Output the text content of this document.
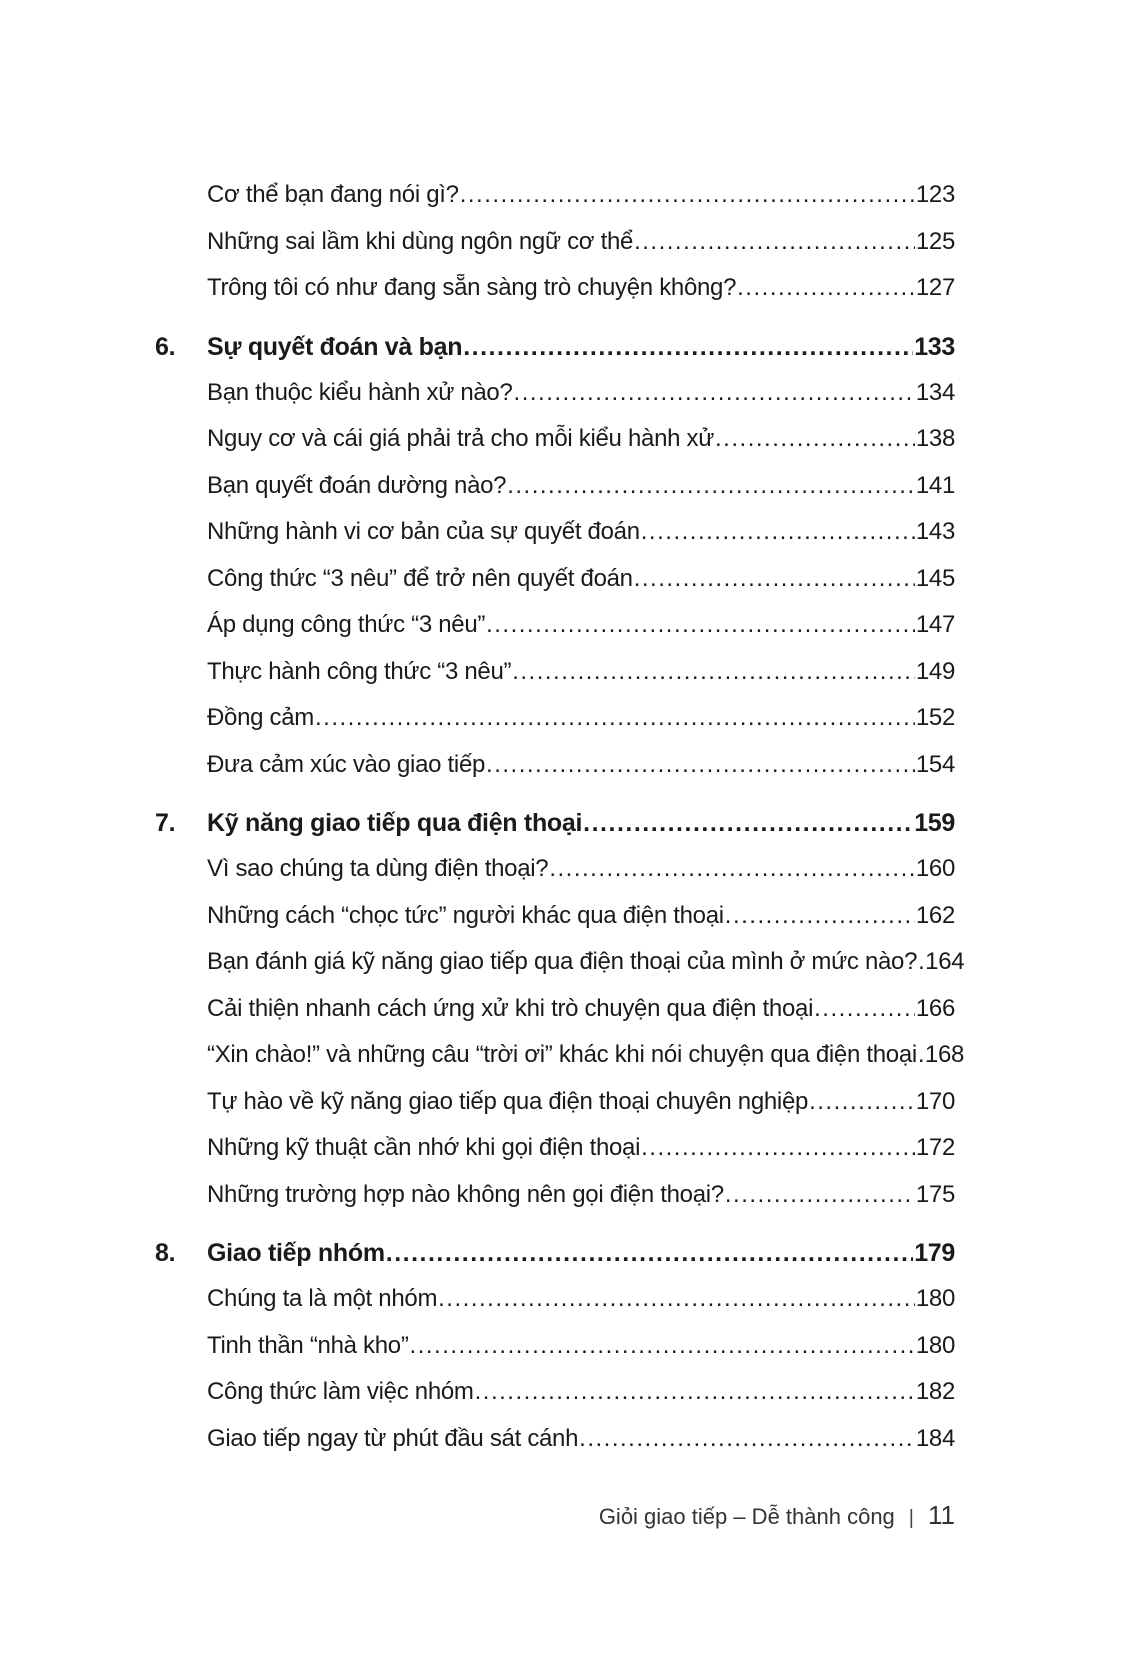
Cơ thể bạn đang nói gì? .....	123
Những sai lầm khi dùng ngôn ngữ cơ thể .....	125
Trông tôi có như đang sẵn sàng trò chuyện không? .....	127
6.	Sự quyết đoán và bạn .....	133
Bạn thuộc kiểu hành xử nào? .....	134
Nguy cơ và cái giá phải trả cho mỗi kiểu hành xử .....	138
Bạn quyết đoán dường nào? .....	141
Những hành vi cơ bản của sự quyết đoán .....	143
Công thức “3 nêu” để trở nên quyết đoán .....	145
Áp dụng công thức “3 nêu” .....	147
Thực hành công thức “3 nêu” .....	149
Đồng cảm .....	152
Đưa cảm xúc vào giao tiếp .....	154
7.	Kỹ năng giao tiếp qua điện thoại .....	159
Vì sao chúng ta dùng điện thoại? .....	160
Những cách “chọc tức” người khác qua điện thoại .....	162
Bạn đánh giá kỹ năng giao tiếp qua điện thoại của mình ở mức nào? ..... 164
Cải thiện nhanh cách ứng xử khi trò chuyện qua điện thoại .....	166
“Xin chào!” và những câu “trời ơi” khác khi nói chuyện qua điện thoại ..... 168
Tự hào về kỹ năng giao tiếp qua điện thoại chuyên nghiệp .....	170
Những kỹ thuật cần nhớ khi gọi điện thoại .....	172
Những trường hợp nào không nên gọi điện thoại? .....	175
8.	Giao tiếp nhóm .....	179
Chúng ta là một nhóm .....	180
Tinh thần “nhà kho” .....	180
Công thức làm việc nhóm .....	182
Giao tiếp ngay từ phút đầu sát cánh .....	184
Giỏi giao tiếp – Dễ thành công | 11
